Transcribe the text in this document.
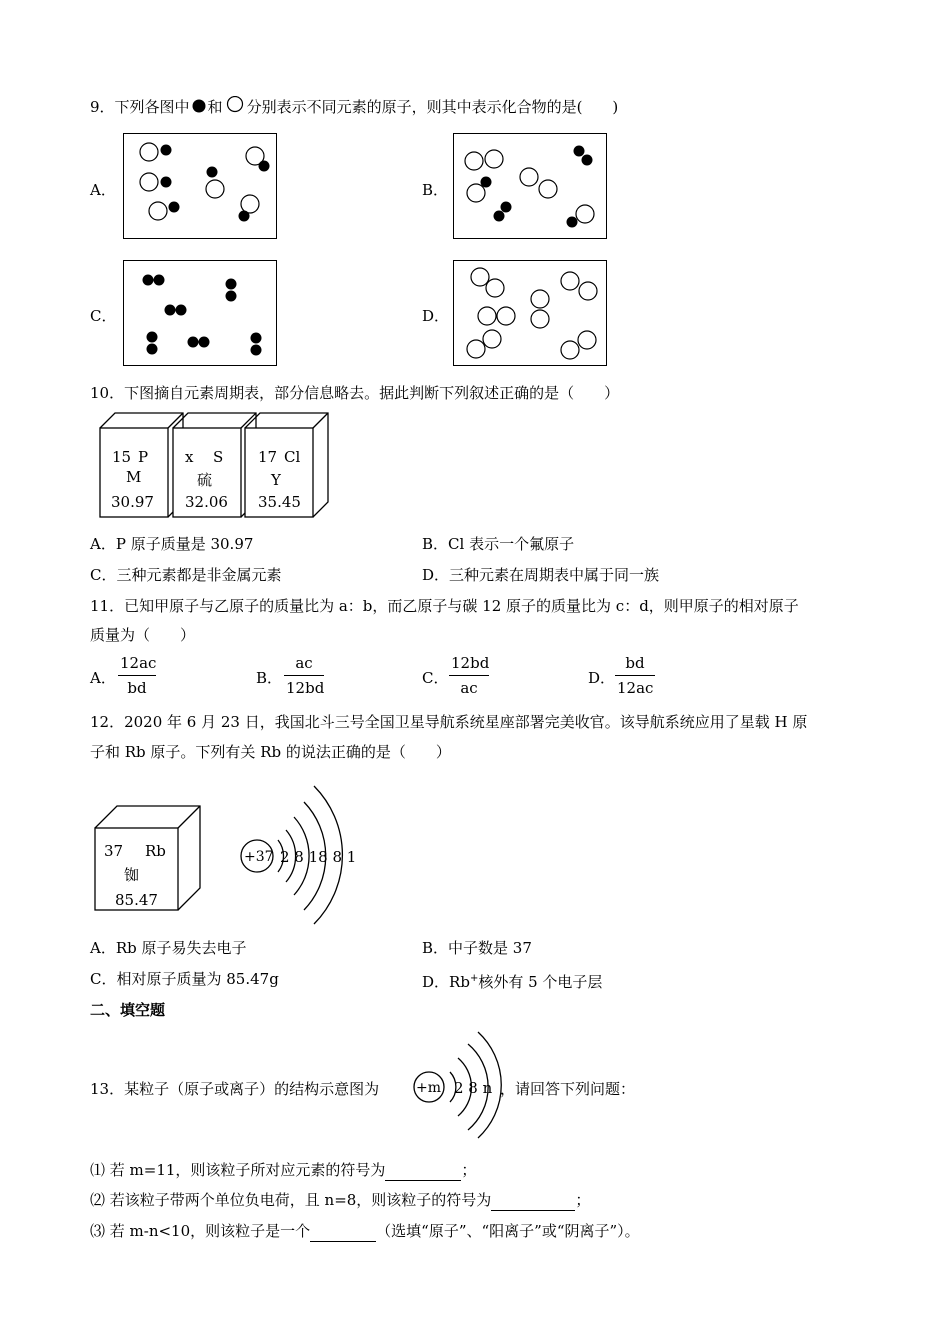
9．下列各图中 和 分别表示不同元素的原子，则其中表示化合物的是(　　)
A．	B．
C．	D．
10．下图摘自元素周期表，部分信息略去。据此判断下列叙述正确的是（　　）
15 P
M
30.97
x S
硫
32.06
17 Cl
Y
35.45
A．P 原子质量是 30.97	B．Cl 表示一个氟原子
C．三种元素都是非金属元素	D．三种元素在周期表中属于同一族
11．已知甲原子与乙原子的质量比为 a：b，而乙原子与碳 12 原子的质量比为 c：d，则甲原子的相对原子
质量为（　　）
A．
12ac
bd
B．
ac
12bd
C．
12bd
ac
D．
bd
12ac
12．2020 年 6 月 23 日，我国北斗三号全国卫星导航系统星座部署完美收官。该导航系统应用了星载 H 原
子和 Rb 原子。下列有关 Rb 的说法正确的是（　　）
37 Rb
铷
85.47
+37 2 8 18 8 1
A．Rb 原子易失去电子	B．中子数是 37
C．相对原子质量为 85.47g	D．Rb+核外有 5 个电子层
二、填空题
13．某粒子（原子或离子）的结构示意图为	+m 2 8 n ，请回答下列问题：
⑴ 若 m=11，则该粒子所对应元素的符号为	；
⑵ 若该粒子带两个单位负电荷，且 n=8，则该粒子的符号为	；
⑶ 若 m-n<10，则该粒子是一个	（选填“原子”、“阳离子”或“阴离子”）。
